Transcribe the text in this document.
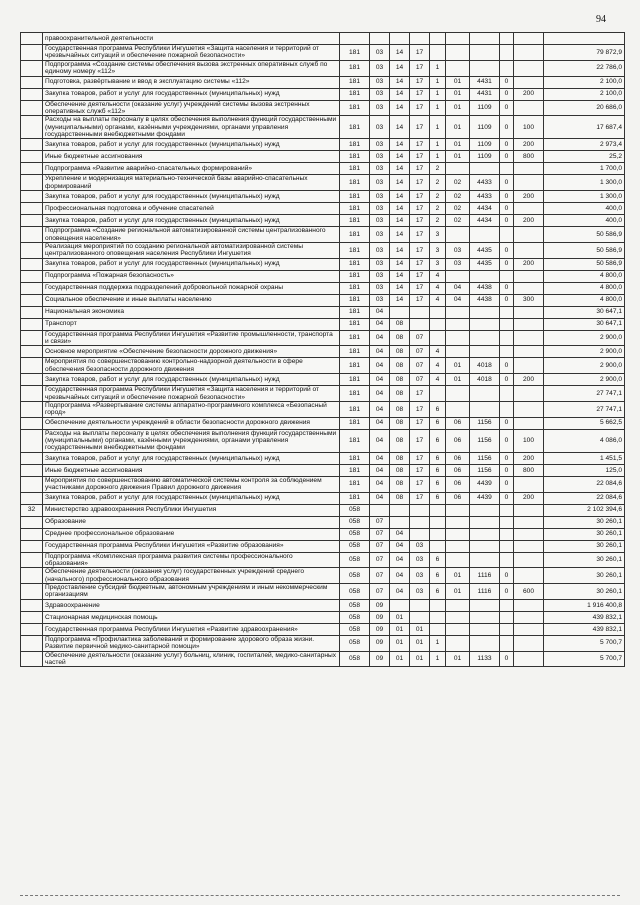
94
	правоохранительной деятельности										
	Государственная программа Республики Ингушетия «Защита населения и территорий от чрезвычайных ситуаций и обеспечение пожарной безопасности»	181	03	14	17						79 872,9
	Подпрограмма «Создание системы обеспечения вызова экстренных оперативных служб по единому номеру «112»	181	03	14	17	1					22 786,0
	Подготовка, развёртывание и ввод в эксплуатацию системы «112»	181	03	14	17	1	01	4431	0		2 100,0
	Закупка товаров, работ и услуг для государственных (муниципальных) нужд	181	03	14	17	1	01	4431	0	200	2 100,0
	Обеспечение деятельности (оказание услуг) учреждений системы вызова экстренных оперативных служб «112»	181	03	14	17	1	01	1109	0		20 686,0
	Расходы на выплаты персоналу в целях обеспечения выполнения функций государственными (муниципальными) органами, казёнными учреждениями, органами управления государственными внебюджетными фондами	181	03	14	17	1	01	1109	0	100	17 687,4
	Закупка товаров, работ и услуг для государственных (муниципальных) нужд	181	03	14	17	1	01	1109	0	200	2 973,4
	Иные бюджетные ассигнования	181	03	14	17	1	01	1109	0	800	25,2
	Подпрограмма «Развитие аварийно-спасательных формирований»	181	03	14	17	2					1 700,0
	Укрепление и модернизация материально-технической базы аварийно-спасательных формирований	181	03	14	17	2	02	4433	0		1 300,0
	Закупка товаров, работ и услуг для государственных (муниципальных) нужд	181	03	14	17	2	02	4433	0	200	1 300,0
	Профессиональная подготовка и обучение спасателей	181	03	14	17	2	02	4434	0		400,0
	Закупка товаров, работ и услуг для государственных (муниципальных) нужд	181	03	14	17	2	02	4434	0	200	400,0
	Подпрограмма «Создание региональной автоматизированной системы централизованного оповещения населения»	181	03	14	17	3					50 586,9
	Реализация мероприятий по созданию региональной автоматизированной системы централизованного оповещения населения Республики Ингушетия	181	03	14	17	3	03	4435	0		50 586,9
	Закупка товаров, работ и услуг для государственных (муниципальных) нужд	181	03	14	17	3	03	4435	0	200	50 586,9
	Подпрограмма «Пожарная безопасность»	181	03	14	17	4					4 800,0
	Государственная поддержка подразделений добровольной пожарной охраны	181	03	14	17	4	04	4438	0		4 800,0
	Социальное обеспечение и иные выплаты населению	181	03	14	17	4	04	4438	0	300	4 800,0
	Национальная экономика	181	04								30 647,1
	Транспорт	181	04	08							30 647,1
	Государственная программа Республики Ингушетия «Развитие промышленности, транспорта и связи»	181	04	08	07						2 900,0
	Основное мероприятие «Обеспечение безопасности дорожного движения»	181	04	08	07	4					2 900,0
	Мероприятия по совершенствованию контрольно-надзорной деятельности в сфере обеспечения безопасности дорожного движения	181	04	08	07	4	01	4018	0		2 900,0
	Закупка товаров, работ и услуг для государственных (муниципальных) нужд	181	04	08	07	4	01	4018	0	200	2 900,0
	Государственная программа Республики Ингушетия «Защита населения и территорий от чрезвычайных ситуаций и обеспечение пожарной безопасности»	181	04	08	17						27 747,1
	Подпрограмма «Развертывание системы аппаратно-программного комплекса «Безопасный город»	181	04	08	17	6					27 747,1
	Обеспечение деятельности учреждений в области безопасности дорожного движения	181	04	08	17	6	06	1156	0		5 662,5
	Расходы на выплаты персоналу в целях обеспечения выполнения функций государственными (муниципальными) органами, казёнными учреждениями, органами управления государственными внебюджетными фондами	181	04	08	17	6	06	1156	0	100	4 086,0
	Закупка товаров, работ и услуг для государственных (муниципальных) нужд	181	04	08	17	6	06	1156	0	200	1 451,5
	Иные бюджетные ассигнования	181	04	08	17	6	06	1156	0	800	125,0
	Мероприятия по совершенствованию автоматической системы контроля за соблюдением участниками дорожного движения Правил дорожного движения	181	04	08	17	6	06	4439	0		22 084,6
	Закупка товаров, работ и услуг для государственных (муниципальных) нужд	181	04	08	17	6	06	4439	0	200	22 084,6
32	Министерство здравоохранения Республики Ингушетия	058									2 102 394,6
	Образование	058	07								30 260,1
	Среднее профессиональное образование	058	07	04							30 260,1
	Государственная программа Республики Ингушетия «Развитие образования»	058	07	04	03						30 260,1
	Подпрограмма «Комплексная программа развития системы профессионального образования»	058	07	04	03	6					30 260,1
	Обеспечение деятельности (оказания услуг) государственных учреждений среднего (начального) профессионального образования	058	07	04	03	6	01	1116	0		30 260,1
	Предоставление субсидий бюджетным, автономным учреждениям и иным некоммерческим организациям	058	07	04	03	6	01	1116	0	600	30 260,1
	Здравоохранение	058	09								1 916 400,8
	Стационарная медицинская помощь	058	09	01							439 832,1
	Государственная программа Республики Ингушетия «Развитие здравоохранения»	058	09	01	01						439 832,1
	Подпрограмма «Профилактика заболеваний и формирование здорового образа жизни. Развитие первичной медико-санитарной помощи»	058	09	01	01	1					5 700,7
	Обеспечение деятельности (оказание услуг) больниц, клиник, госпиталей, медико-санитарных частей	058	09	01	01	1	01	1133	0		5 700,7
